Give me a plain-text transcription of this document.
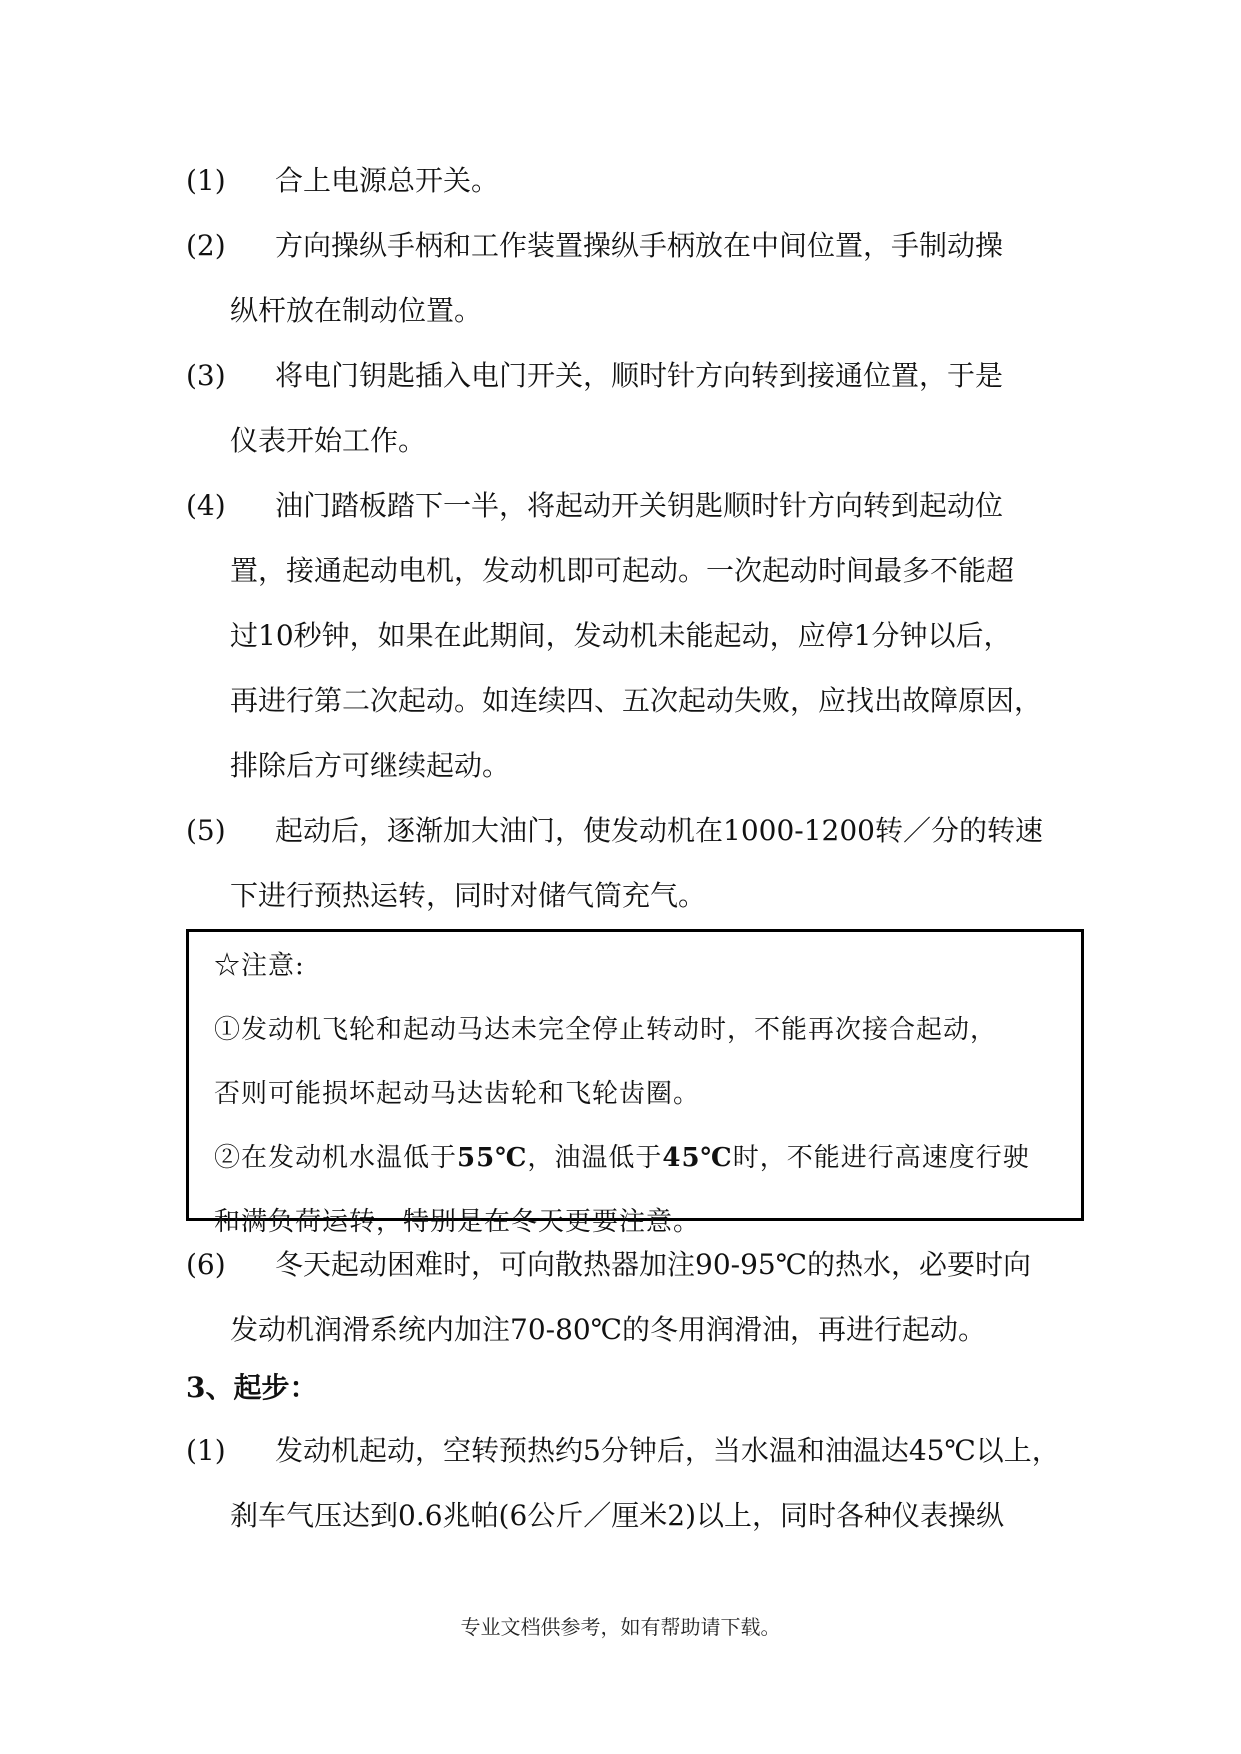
(1)	合上电源总开关。
(2)	方向操纵手柄和工作装置操纵手柄放在中间位置，手制动操
纵杆放在制动位置。
(3)	将电门钥匙插入电门开关，顺时针方向转到接通位置，于是
仪表开始工作。
(4)	油门踏板踏下一半，将起动开关钥匙顺时针方向转到起动位
置，接通起动电机，发动机即可起动。一次起动时间最多不能超
过10秒钟，如果在此期间，发动机未能起动，应停1分钟以后，
再进行第二次起动。如连续四、五次起动失败，应找出故障原因，
排除后方可继续起动。
(5)	起动后，逐渐加大油门，使发动机在1000-1200转／分的转速
下进行预热运转，同时对储气筒充气。
☆注意:
①发动机飞轮和起动马达未完全停止转动时，不能再次接合起动，
否则可能损坏起动马达齿轮和飞轮齿圈。
②在发动机水温低于55℃，油温低于45℃时，不能进行高速度行驶
和满负荷运转，特别是在冬天更要注意。
(6)	冬天起动困难时，可向散热器加注90-95℃的热水，必要时向
发动机润滑系统内加注70-80℃的冬用润滑油，再进行起动。
3、起步：
(1)	发动机起动，空转预热约5分钟后，当水温和油温达45℃以上，
刹车气压达到0.6兆帕(6公斤／厘米2)以上，同时各种仪表操纵
专业文档供参考，如有帮助请下载。
